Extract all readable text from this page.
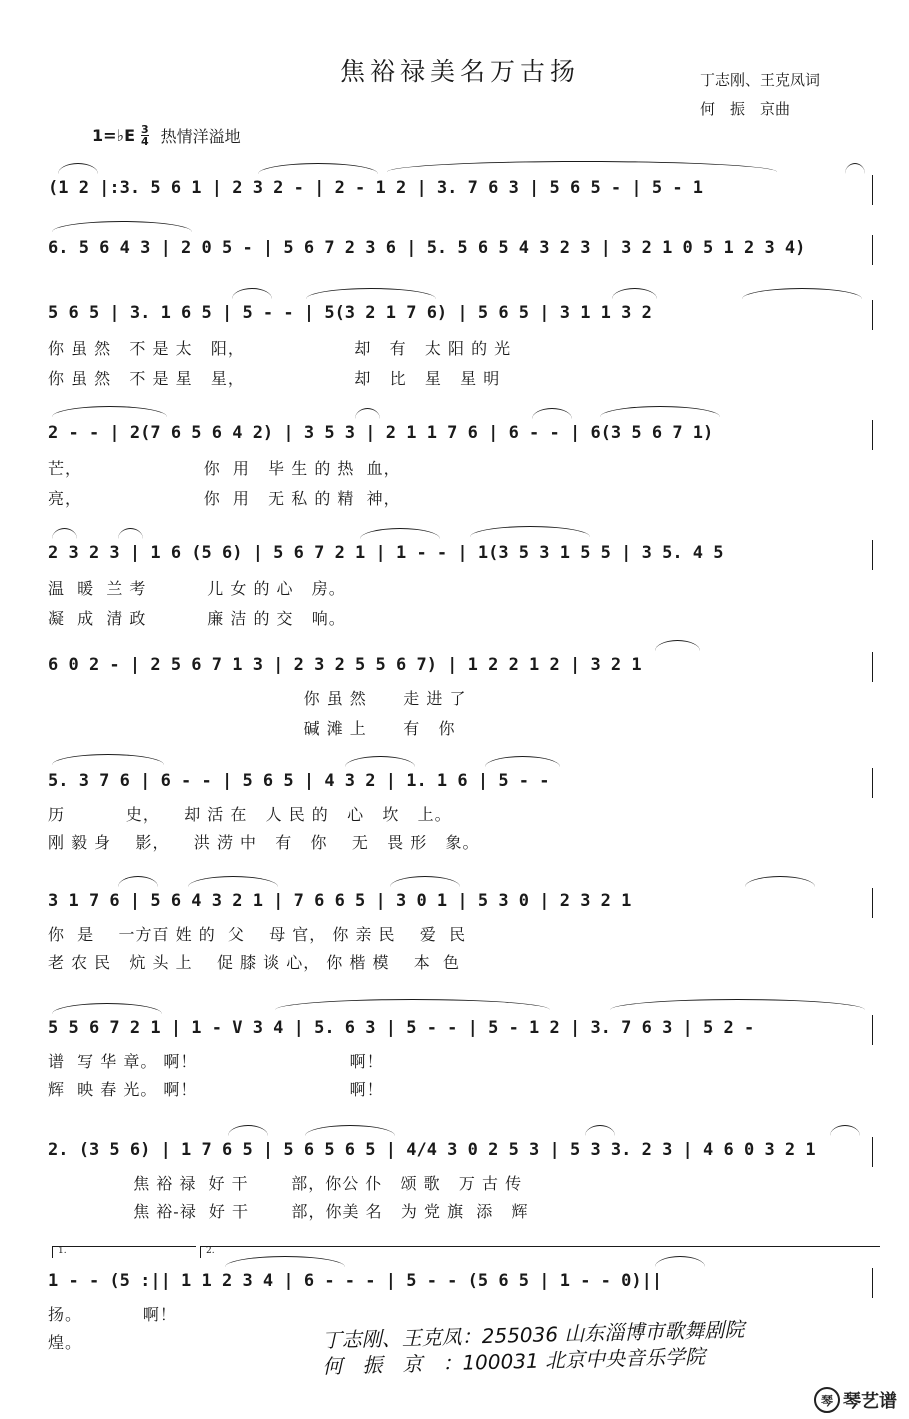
焦裕禄美名万古扬	丁志刚、王克凤词
何　振　京曲
1=♭E $\frac{3}{4}$ 热情洋溢地
(1 2 |:3. 5 6 1 | 2 3 2 - | 2 - 1 2 | 3. 7 6 3 | 5 6 5 - | 5 - 1
6. 5 6 4 3 | 2 0 5 - | 5 6 7 2 3 6 | 5. 5 6 5 4 3 2 3 | 3 2 1 0 5 1 2 3 4)
5 6 5 | 3. 1 6 5 | 5 - - | 5(3 2 1 7 6) | 5 6 5 | 3 1 1 3 2
你 虽 然   不 是 太   阳，                  却   有   太 阳 的 光
你 虽 然   不 是 星   星，                  却   比   星   星 明
2 - - | 2(7 6 5 6 4 2) | 3 5 3 | 2 1 1 7 6 | 6 - - | 6(3 5 6 7 1)
芒，                    你  用   毕 生 的 热  血，
亮，                    你  用   无 私 的 精  神，
2 3 2 3 | 1 6 (5 6) | 5 6 7 2 1 | 1 - - | 1(3 5 3 1 5 5 | 3 5. 4 5
温  暖  兰 考          儿 女 的 心   房。
凝  成  清 政          廉 洁 的 交   响。
6 0 2 - | 2 5 6 7 1 3 | 2 3 2 5 5 6 7) | 1 2 2 1 2 | 3 2 1
你 虽 然      走 进 了
碱 滩 上      有   你
5. 3 7 6 | 6 - - | 5 6 5 | 4 3 2 | 1. 1 6 | 5 - -
历          史，    却 活 在   人 民 的   心   坎   上。
刚 毅 身    影，    洪 涝 中   有   你    无   畏 形   象。
3 1 7 6 | 5 6 4 3 2 1 | 7 6 6 5 | 3 0 1 | 5 3 0 | 2 3 2 1
你  是    一方百 姓 的  父    母 官， 你 亲 民    爱  民
老 农 民   炕 头 上    促 膝 谈 心， 你 楷 模    本  色
5 5 6 7 2 1 | 1 - V 3 4 | 5. 6 3 | 5 - - | 5 - 1 2 | 3. 7 6 3 | 5 2 -
谱  写 华 章。 啊！                         啊！
辉  映 春 光。 啊！                         啊！
2. (3 5 6) | 1 7 6 5 | 5 6 5 6 5 | 4/4 3 0 2 5 3 | 5 3 3. 2 3 | 4 6 0 3 2 1
焦 裕 禄  好 干       部，你公 仆   颂 歌   万 古 传
焦 裕-禄  好 干       部，你美 名   为 党 旗  添   辉
1.	2.
1 - - (5 :|| 1 1 2 3 4 | 6 - - - | 5 - - (5 6 5 | 1 - - 0)||
扬。          啊！
煌。	丁志刚、王克凤：255036 山东淄博市歌舞剧院
何　振　京　：100031 北京中央音乐学院
琴 琴艺谱
